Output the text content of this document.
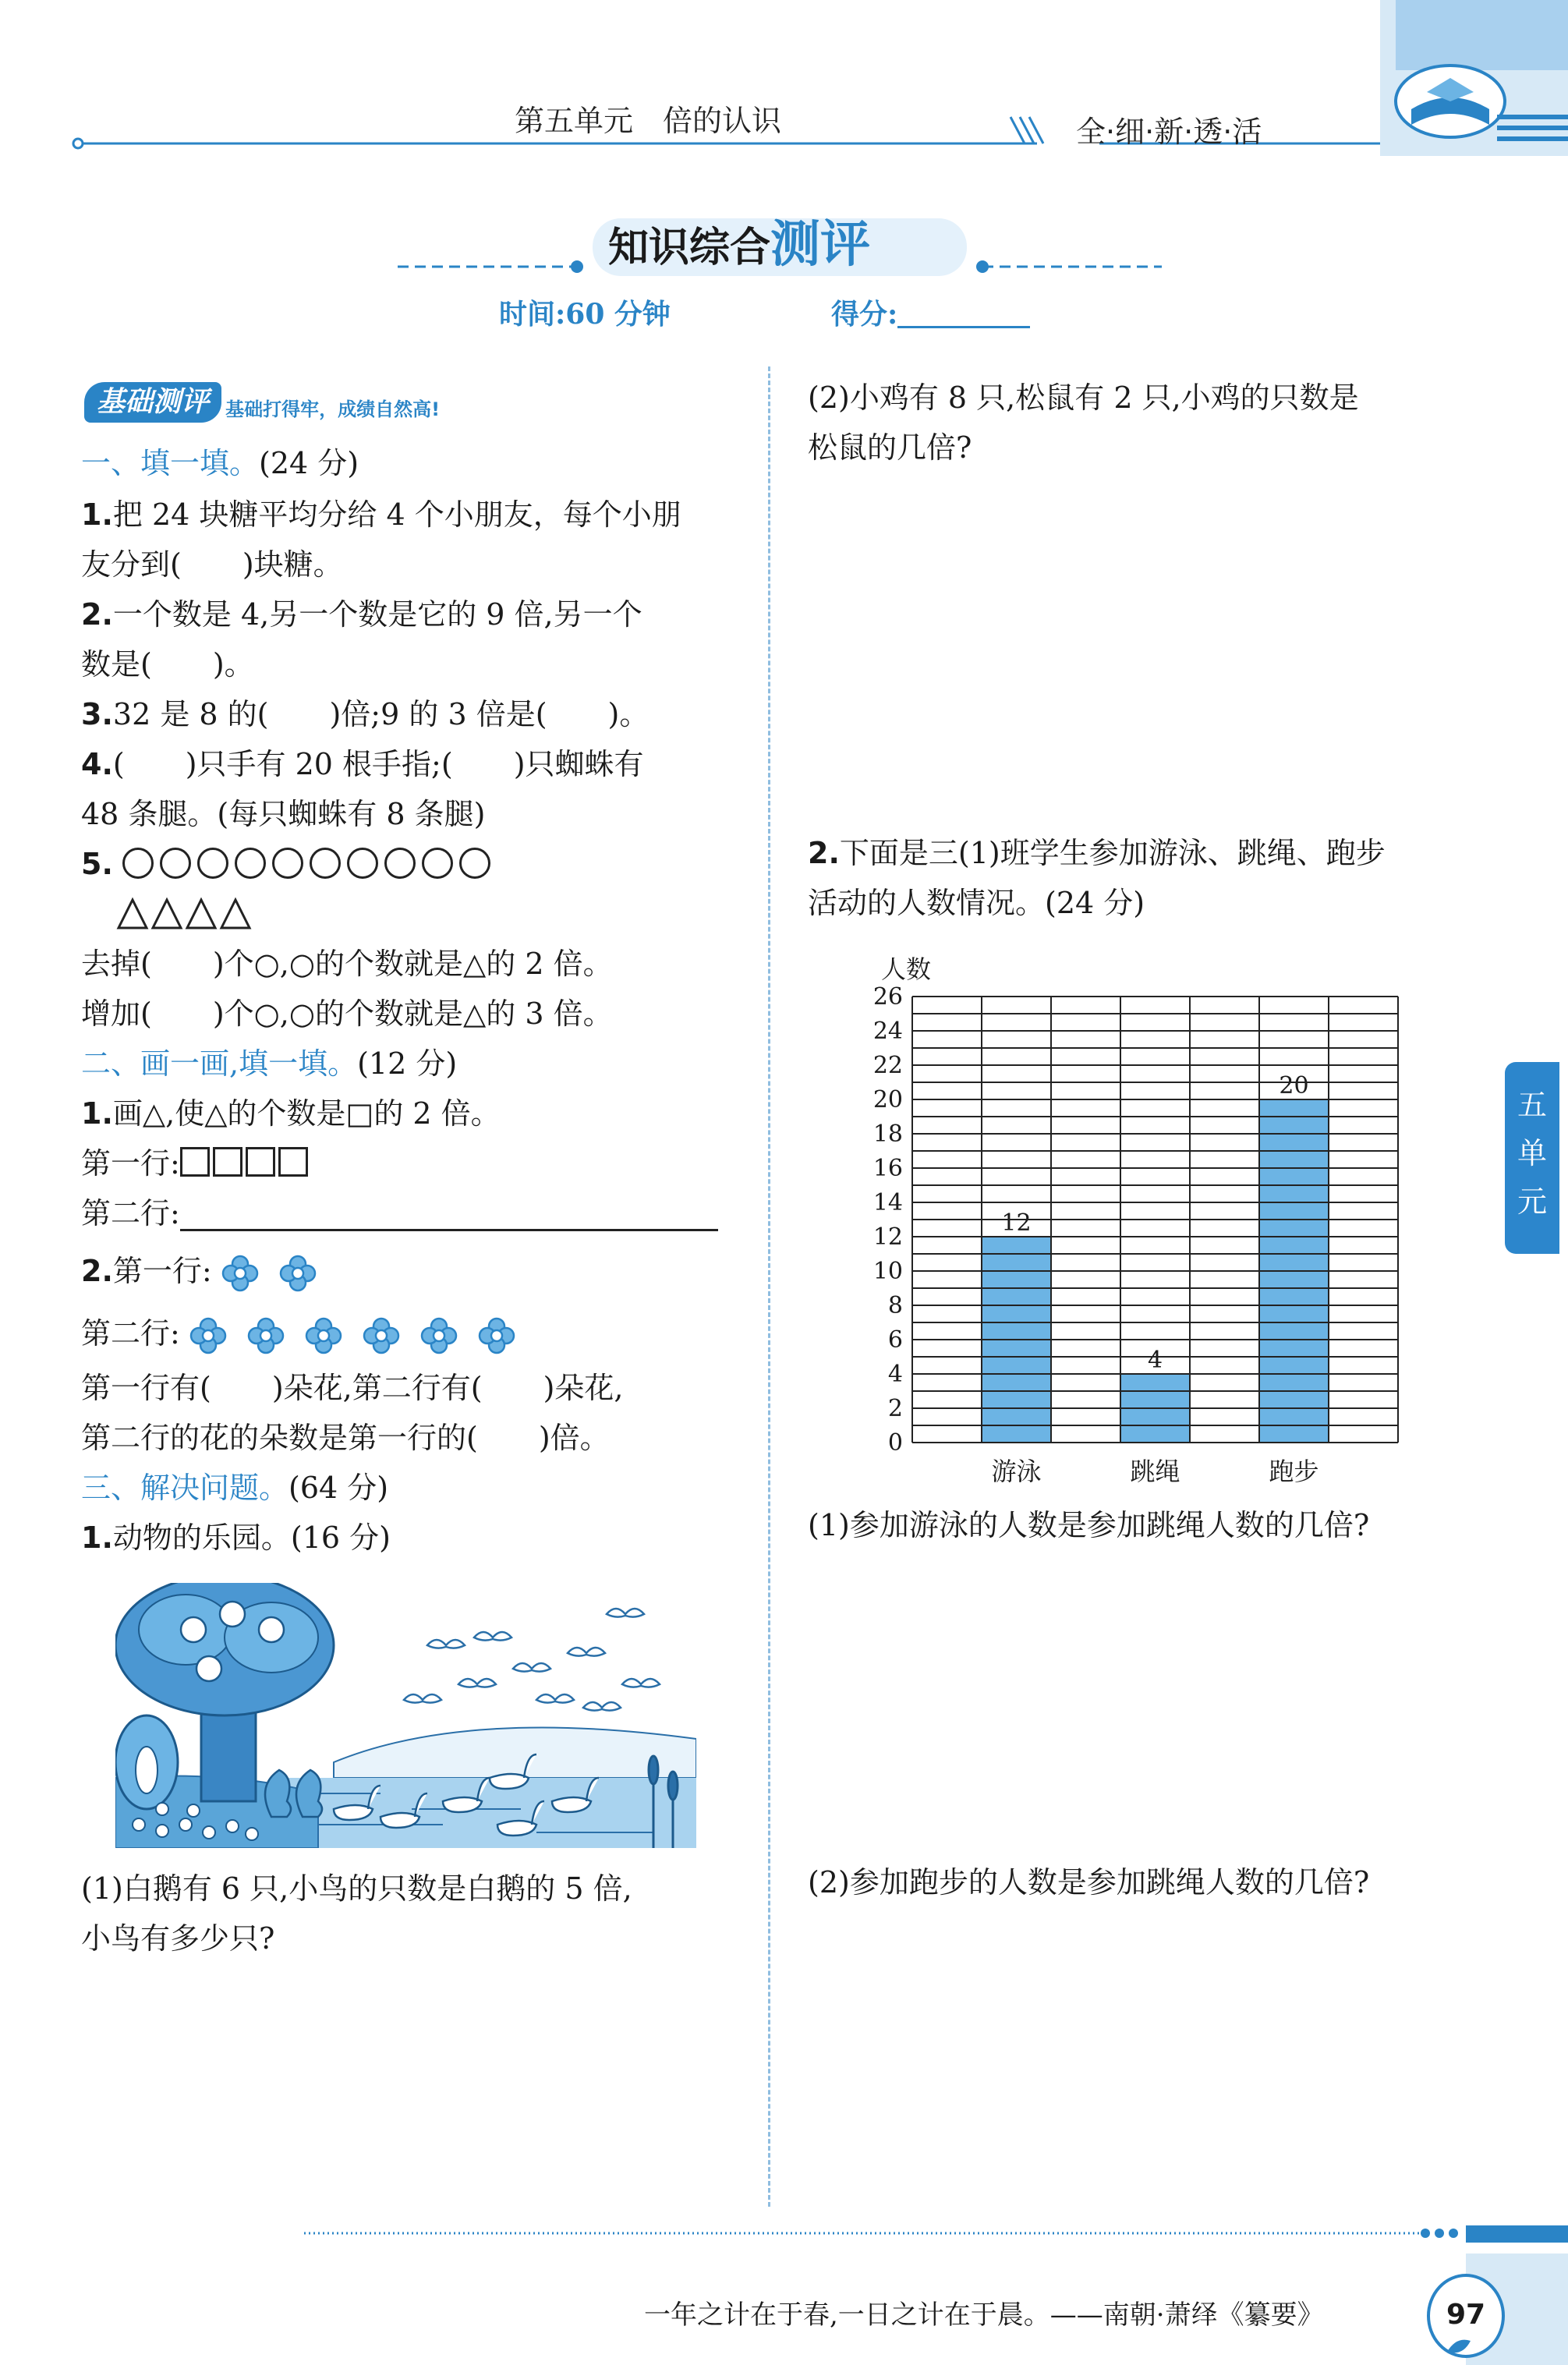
第五单元　倍的认识	全·细·新·透·活
知识综合测评
时间:60 分钟	得分:
基础测评 基础打得牢，成绩自然高!
一、填一填。(24 分)
1.把 24 块糖平均分给 4 个小朋友，每个小朋
友分到( )块糖。
2.一个数是 4,另一个数是它的 9 倍,另一个
数是( )。
3.32 是 8 的( )倍;9 的 3 倍是( )。
4.( )只手有 20 根手指;( )只蜘蛛有
48 条腿。(每只蜘蛛有 8 条腿)
5.
去掉( )个○,○的个数就是△的 2 倍。
增加( )个○,○的个数就是△的 3 倍。
二、画一画,填一填。(12 分)
1.画△,使△的个数是□的 2 倍。
第一行:
第二行:
2.第一行:
第二行:
第一行有( )朵花,第二行有( )朵花,
第二行的花的朵数是第一行的( )倍。
三、解决问题。(64 分)
1.动物的乐园。(16 分)
(1)白鹅有 6 只,小鸟的只数是白鹅的 5 倍,
小鸟有多少只?
(2)小鸡有 8 只,松鼠有 2 只,小鸡的只数是
松鼠的几倍?
2.下面是三(1)班学生参加游泳、跳绳、跑步
活动的人数情况。(24 分)
12
游泳
4
跳绳
20
跑步
0
2
4
6
8
10
12
14
16
18
20
22
24
26
人数
(1)参加游泳的人数是参加跳绳人数的几倍?
(2)参加跑步的人数是参加跳绳人数的几倍?
五
单
元
一年之计在于春,一日之计在于晨。——南朝·萧绎《纂要》	97
